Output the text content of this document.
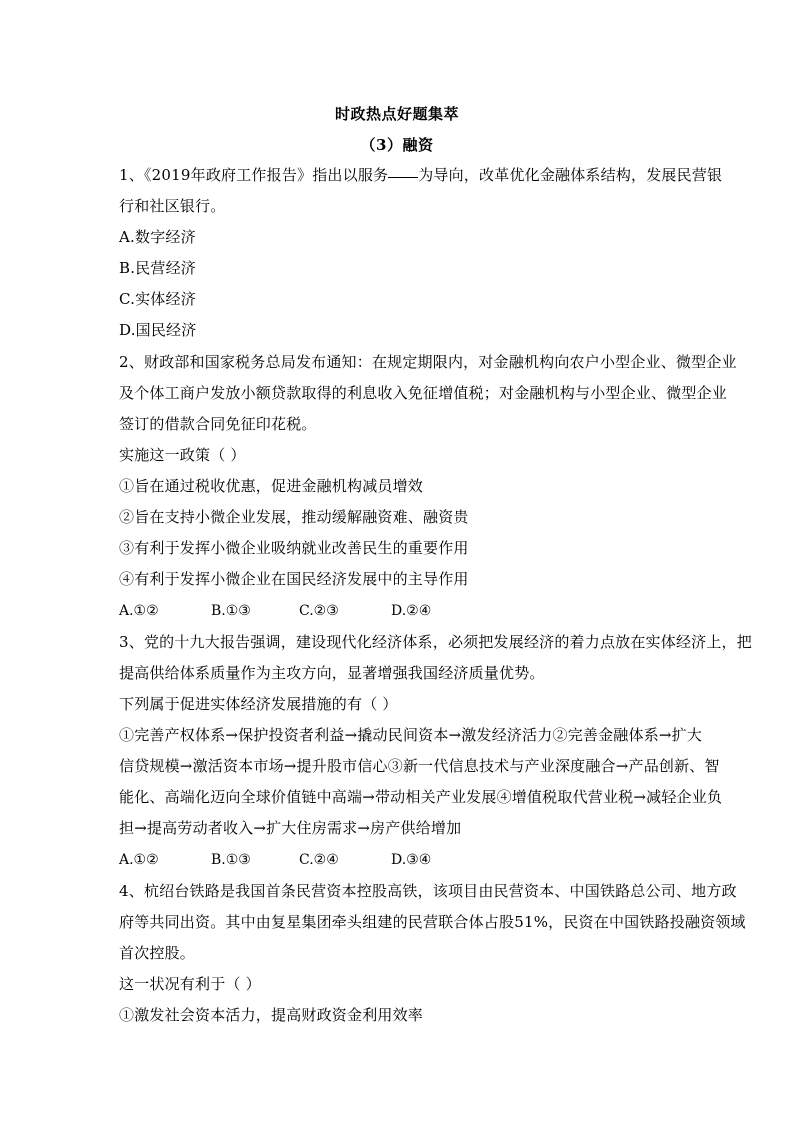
时政热点好题集萃
（3）融资
1、《2019年政府工作报告》指出以服务 为导向，改革优化金融体系结构，发展民营银
行和社区银行。
A.数字经济
B.民营经济
C.实体经济
D.国民经济
2、财政部和国家税务总局发布通知：在规定期限内，对金融机构向农户小型企业、微型企业
及个体工商户发放小额贷款取得的利息收入免征增值税；对金融机构与小型企业、微型企业
签订的借款合同免征印花税。
实施这一政策（ ）
①旨在通过税收优惠，促进金融机构减员增效
②旨在支持小微企业发展，推动缓解融资难、融资贵
③有利于发挥小微企业吸纳就业改善民生的重要作用
④有利于发挥小微企业在国民经济发展中的主导作用
A.①②	B.①③	C.②③	D.②④
3、党的十九大报告强调，建设现代化经济体系，必须把发展经济的着力点放在实体经济上，把
提高供给体系质量作为主攻方向，显著增强我国经济质量优势。
下列属于促进实体经济发展措施的有（ ）
①完善产权体系→保护投资者利益→撬动民间资本→激发经济活力②完善金融体系→扩大
信贷规模→激活资本市场→提升股市信心③新一代信息技术与产业深度融合→产品创新、智
能化、高端化迈向全球价值链中高端→带动相关产业发展④增值税取代营业税→减轻企业负
担→提高劳动者收入→扩大住房需求→房产供给增加
A.①②	B.①③	C.②④	D.③④
4、杭绍台铁路是我国首条民营资本控股高铁，该项目由民营资本、中国铁路总公司、地方政
府等共同出资。其中由复星集团牵头组建的民营联合体占股51%，民资在中国铁路投融资领域
首次控股。
这一状况有利于（ ）
①激发社会资本活力，提高财政资金利用效率
